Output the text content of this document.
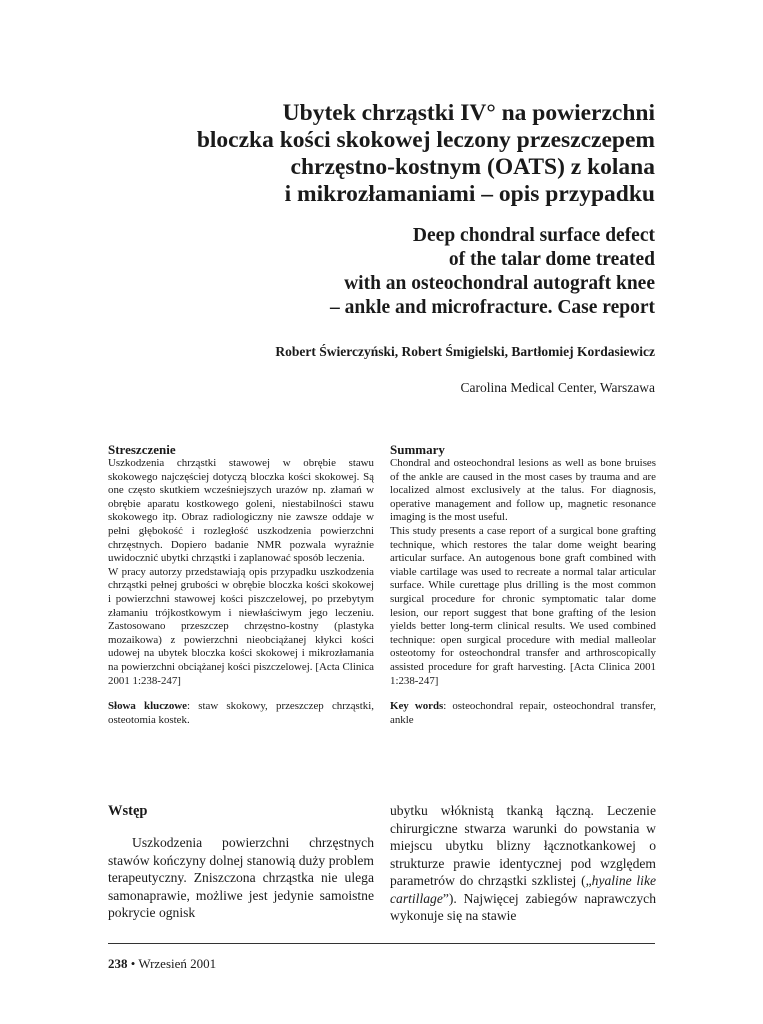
Ubytek chrząstki IV° na powierzchni
bloczka kości skokowej leczony przeszczepem
chrzęstno-kostnym (OATS) z kolana
i mikrozłamaniami – opis przypadku
Deep chondral surface defect
of the talar dome treated
with an osteochondral autograft knee
– ankle and microfracture. Case report
Robert Świerczyński, Robert Śmigielski, Bartłomiej Kordasiewicz
Carolina Medical Center, Warszawa
Streszczenie

Uszkodzenia chrząstki stawowej w obrębie stawu skokowego najczęściej dotyczą bloczka kości skokowej. Są one często skutkiem wcześniejszych urazów np. złamań w obrębie aparatu kostkowego goleni, niestabilności stawu skokowego itp. Obraz radiologiczny nie zawsze oddaje w pełni głębokość i rozległość uszkodzenia powierzchni chrzęstnych. Dopiero badanie NMR pozwala wyraźnie uwidocznić ubytki chrząstki i zaplanować sposób leczenia.

W pracy autorzy przedstawiają opis przypadku uszkodzenia chrząstki pełnej grubości w obrębie bloczka kości skokowej i powierzchni stawowej kości piszczelowej, po przebytym złamaniu trójkostkowym i niewłaściwym jego leczeniu. Zastosowano przeszczep chrzęstno-kostny (plastyka mozaikowa) z powierzchni nieobciążanej kłykci kości udowej na ubytek bloczka kości skokowej i mikrozłamania na powierzchni obciążanej kości piszczelowej. [Acta Clinica 2001 1:238-247]

Słowa kluczowe: staw skokowy, przeszczep chrząstki, osteotomia kostek.

Summary

Chondral and osteochondral lesions as well as bone bruises of the ankle are caused in the most cases by trauma and are localized almost exclusively at the talus. For diagnosis, operative management and follow up, magnetic resonance imaging is the most useful.

This study presents a case report of a surgical bone grafting technique, which restores the talar dome weight bearing articular surface. An autogenous bone graft combined with viable cartilage was used to recreate a normal talar articular surface. While curettage plus drilling is the most common surgical procedure for chronic symptomatic talar dome lesion, our report suggest that bone grafting of the lesion yields better long-term clinical results. We used combined technique: open surgical procedure with medial malleolar osteotomy for osteochondral transfer and arthroscopically assisted procedure for graft harvesting. [Acta Clinica 2001 1:238-247]

Key words: osteochondral repair, osteochondral transfer, ankle

Wstęp

Uszkodzenia powierzchni chrzęstnych stawów kończyny dolnej stanowią duży problem terapeutyczny. Zniszczona chrząstka nie ulega samonaprawie, możliwe jest jedynie samoistne pokrycie ognisk

ubytku włóknistą tkanką łączną. Leczenie chirurgiczne stwarza warunki do powstania w miejscu ubytku blizny łącznotkankowej o strukturze prawie identycznej pod względem parametrów do chrząstki szklistej („hyaline like cartillage”). Najwięcej zabiegów naprawczych wykonuje się na stawie

238 • Wrzesień 2001
